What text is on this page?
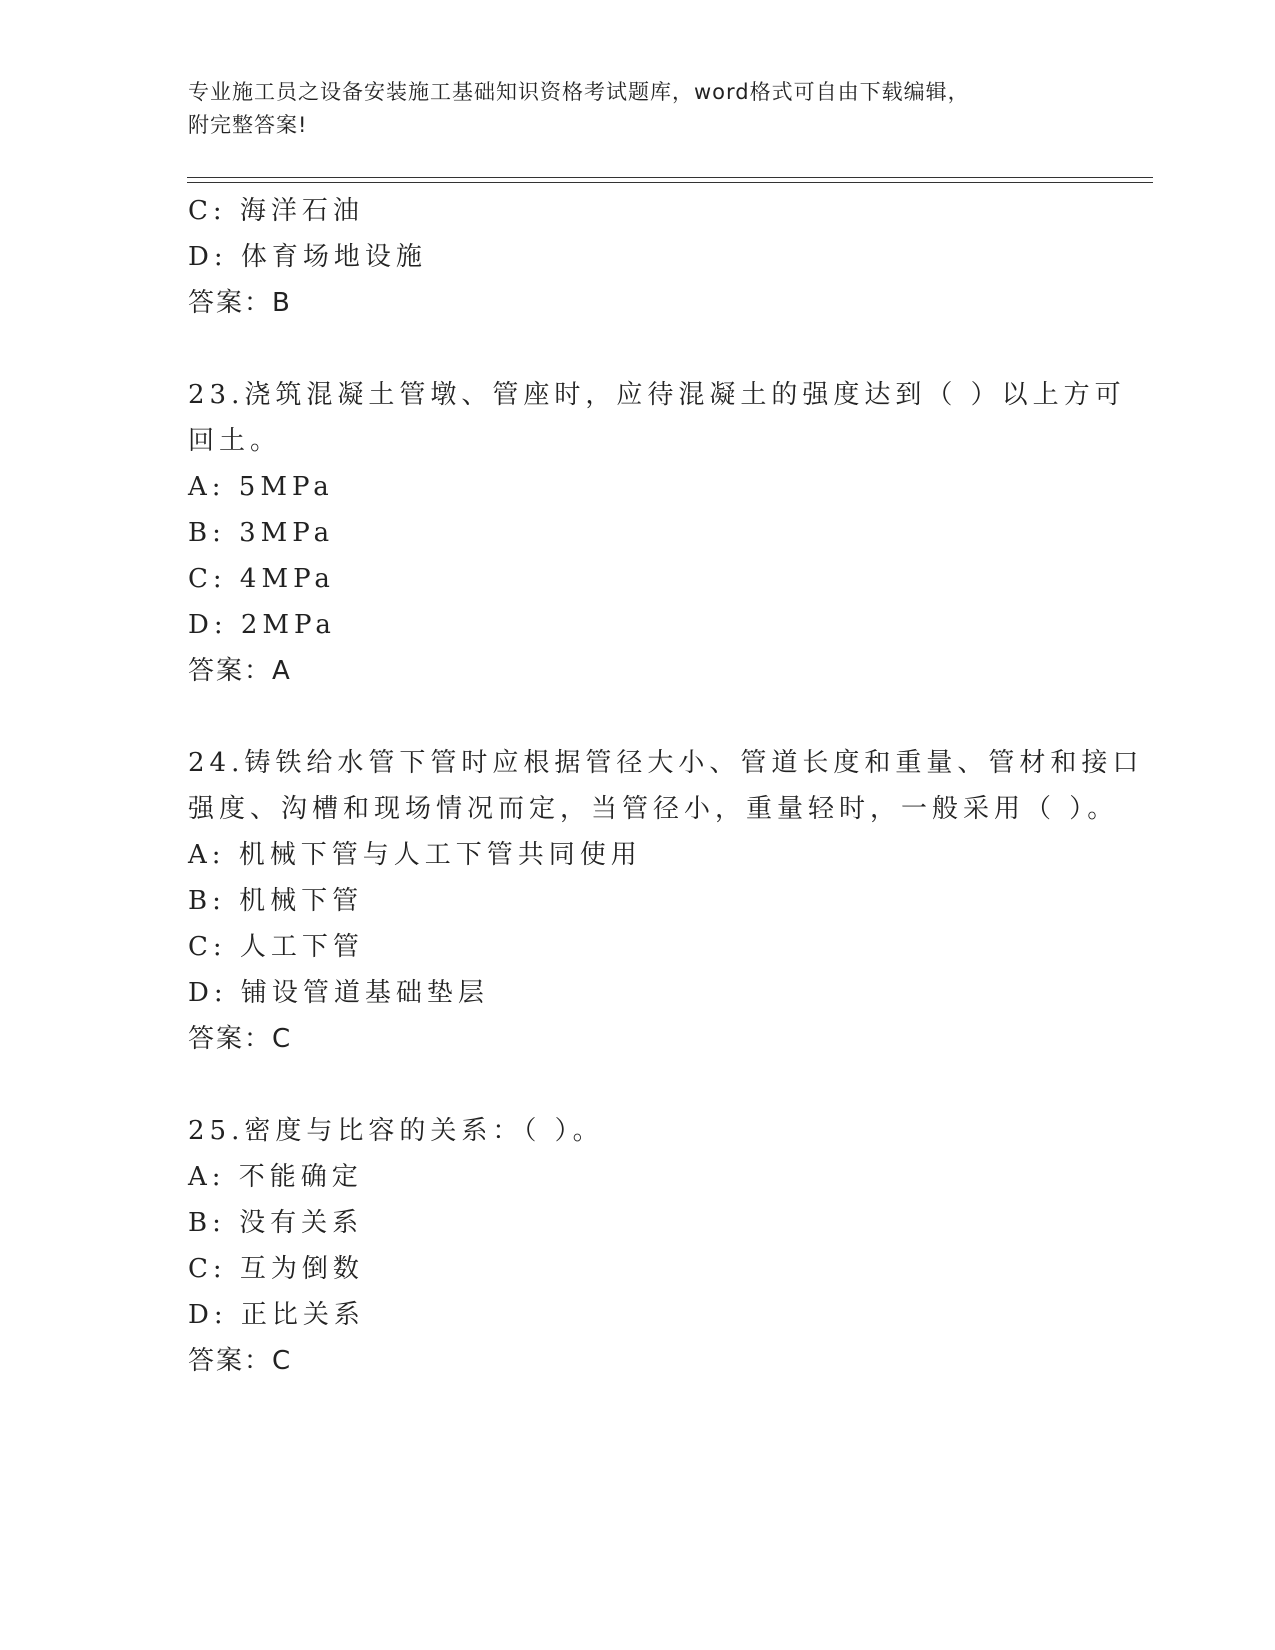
专业施工员之设备安装施工基础知识资格考试题库，word格式可自由下载编辑，
附完整答案!
C: 海洋石油
D: 体育场地设施
答案：B
23.浇筑混凝土管墩、管座时，应待混凝土的强度达到（ ）以上方可
回土。
A: 5MPa
B: 3MPa
C: 4MPa
D: 2MPa
答案：A
24.铸铁给水管下管时应根据管径大小、管道长度和重量、管材和接口
强度、沟槽和现场情况而定，当管径小，重量轻时，一般采用（ ）。
A: 机械下管与人工下管共同使用
B: 机械下管
C: 人工下管
D: 铺设管道基础垫层
答案：C
25.密度与比容的关系：（ ）。
A: 不能确定
B: 没有关系
C: 互为倒数
D: 正比关系
答案：C
